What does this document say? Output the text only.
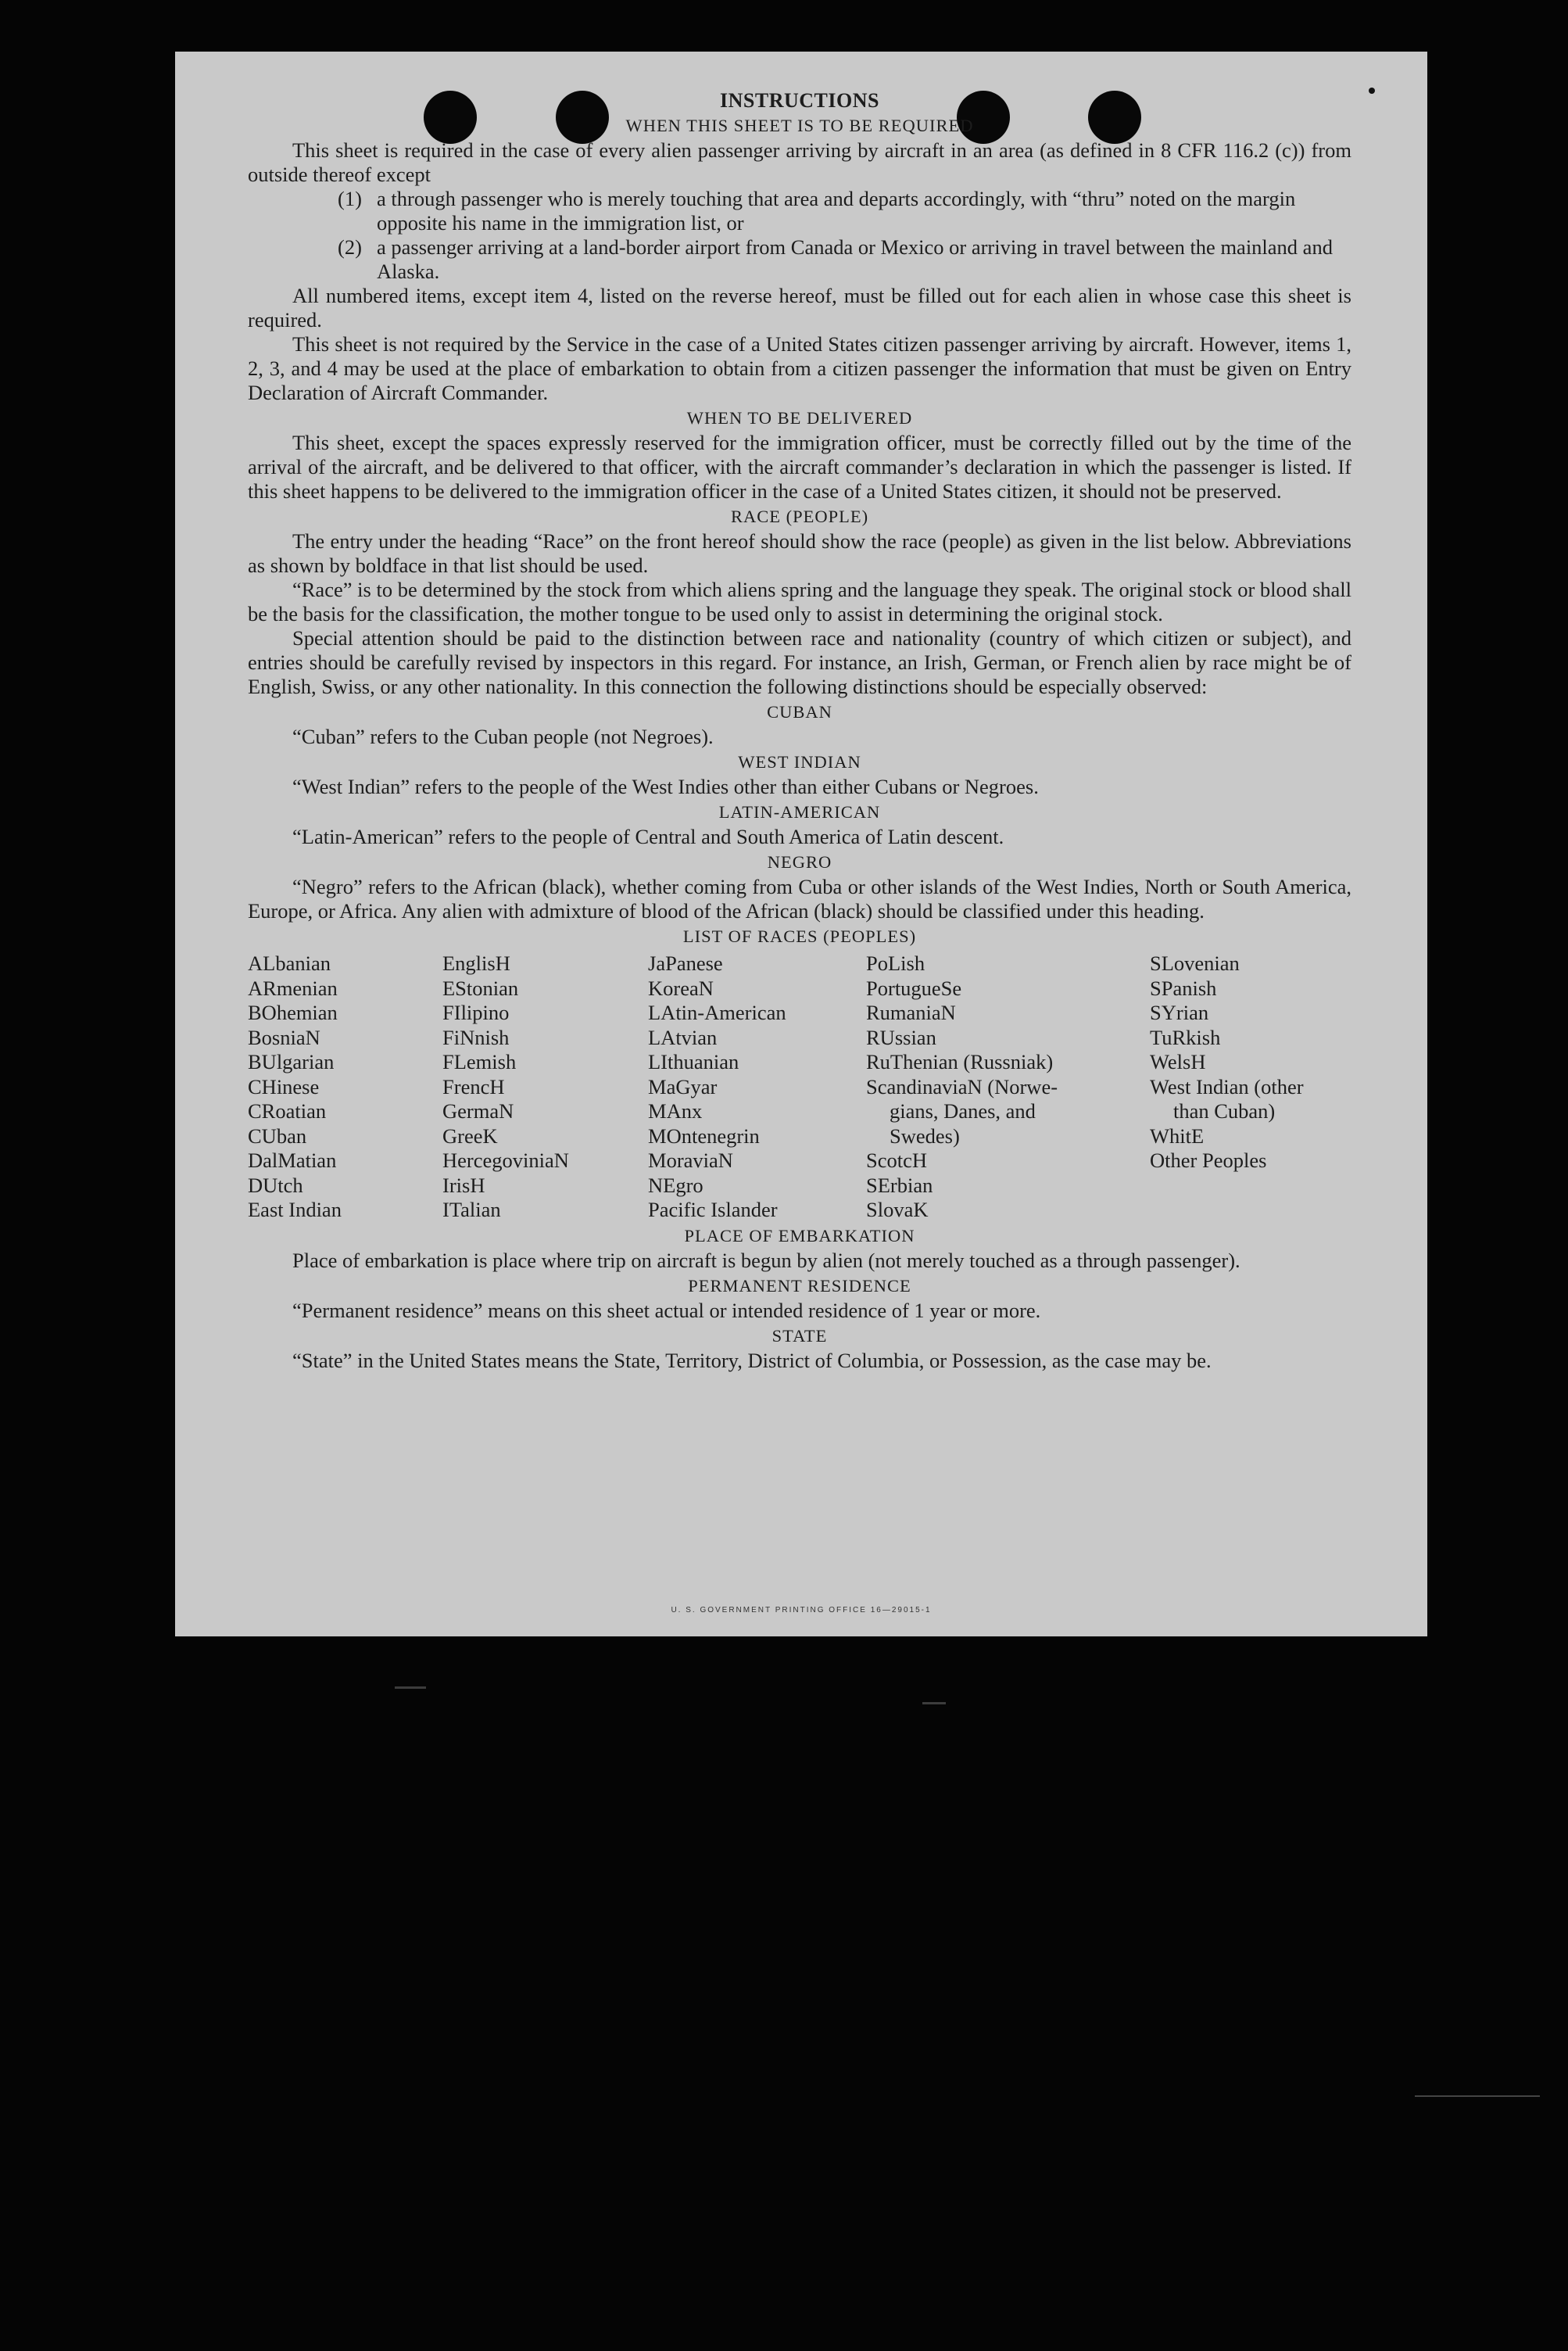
INSTRUCTIONS

WHEN THIS SHEET IS TO BE REQUIRED

This sheet is required in the case of every alien passenger arriving by aircraft in an area (as defined in 8 CFR 116.2 (c)) from outside thereof except

(1) a through passenger who is merely touching that area and departs accordingly, with “thru” noted on the margin opposite his name in the immigration list, or
(2) a passenger arriving at a land-border airport from Canada or Mexico or arriving in travel between the mainland and Alaska.

All numbered items, except item 4, listed on the reverse hereof, must be filled out for each alien in whose case this sheet is required.

This sheet is not required by the Service in the case of a United States citizen passenger arriving by aircraft. However, items 1, 2, 3, and 4 may be used at the place of embarkation to obtain from a citizen passenger the information that must be given on Entry Declaration of Aircraft Commander.

WHEN TO BE DELIVERED

This sheet, except the spaces expressly reserved for the immigration officer, must be correctly filled out by the time of the arrival of the aircraft, and be delivered to that officer, with the aircraft commander’s declaration in which the passenger is listed. If this sheet happens to be delivered to the immigration officer in the case of a United States citizen, it should not be preserved.

RACE (PEOPLE)

The entry under the heading “Race” on the front hereof should show the race (people) as given in the list below. Abbreviations as shown by boldface in that list should be used.

“Race” is to be determined by the stock from which aliens spring and the language they speak. The original stock or blood shall be the basis for the classification, the mother tongue to be used only to assist in determining the original stock.

Special attention should be paid to the distinction between race and nationality (country of which citizen or subject), and entries should be carefully revised by inspectors in this regard. For instance, an Irish, German, or French alien by race might be of English, Swiss, or any other nationality. In this connection the following distinctions should be especially observed:

CUBAN

“Cuban” refers to the Cuban people (not Negroes).

WEST INDIAN

“West Indian” refers to the people of the West Indies other than either Cubans or Negroes.

LATIN-AMERICAN

“Latin-American” refers to the people of Central and South America of Latin descent.

NEGRO

“Negro” refers to the African (black), whether coming from Cuba or other islands of the West Indies, North or South America, Europe, or Africa. Any alien with admixture of blood of the African (black) should be classified under this heading.

LIST OF RACES (PEOPLES)

ALbanian
ARmenian
BOhemian
BosniaN
BUlgarian
CHinese
CRoatian
CUban
DalMatian
DUtch
East Indian
EnglisH
EStonian
FIlipino
FiNnish
FLemish
FrencH
GermaN
GreeK
HercegoviniaN
IrisH
ITalian
JaPanese
KoreaN
LAtin-American
LAtvian
LIthuanian
MaGyar
MAnx
MOntenegrin
MoraviaN
NEgro
Pacific Islander
PoLish
PortugueSe
RumaniaN
RUssian
RuThenian (Russniak)
ScandinaviaN (Norwe-
gians, Danes, and
Swedes)
ScotcH
SErbian
SlovaK
SLovenian
SPanish
SYrian
TuRkish
WelsH
West Indian (other
than Cuban)
WhitE
Other Peoples

PLACE OF EMBARKATION

Place of embarkation is place where trip on aircraft is begun by alien (not merely touched as a through passenger).

PERMANENT RESIDENCE

“Permanent residence” means on this sheet actual or intended residence of 1 year or more.

STATE

“State” in the United States means the State, Territory, District of Columbia, or Possession, as the case may be.

U. S. GOVERNMENT PRINTING OFFICE 16—29015-1
